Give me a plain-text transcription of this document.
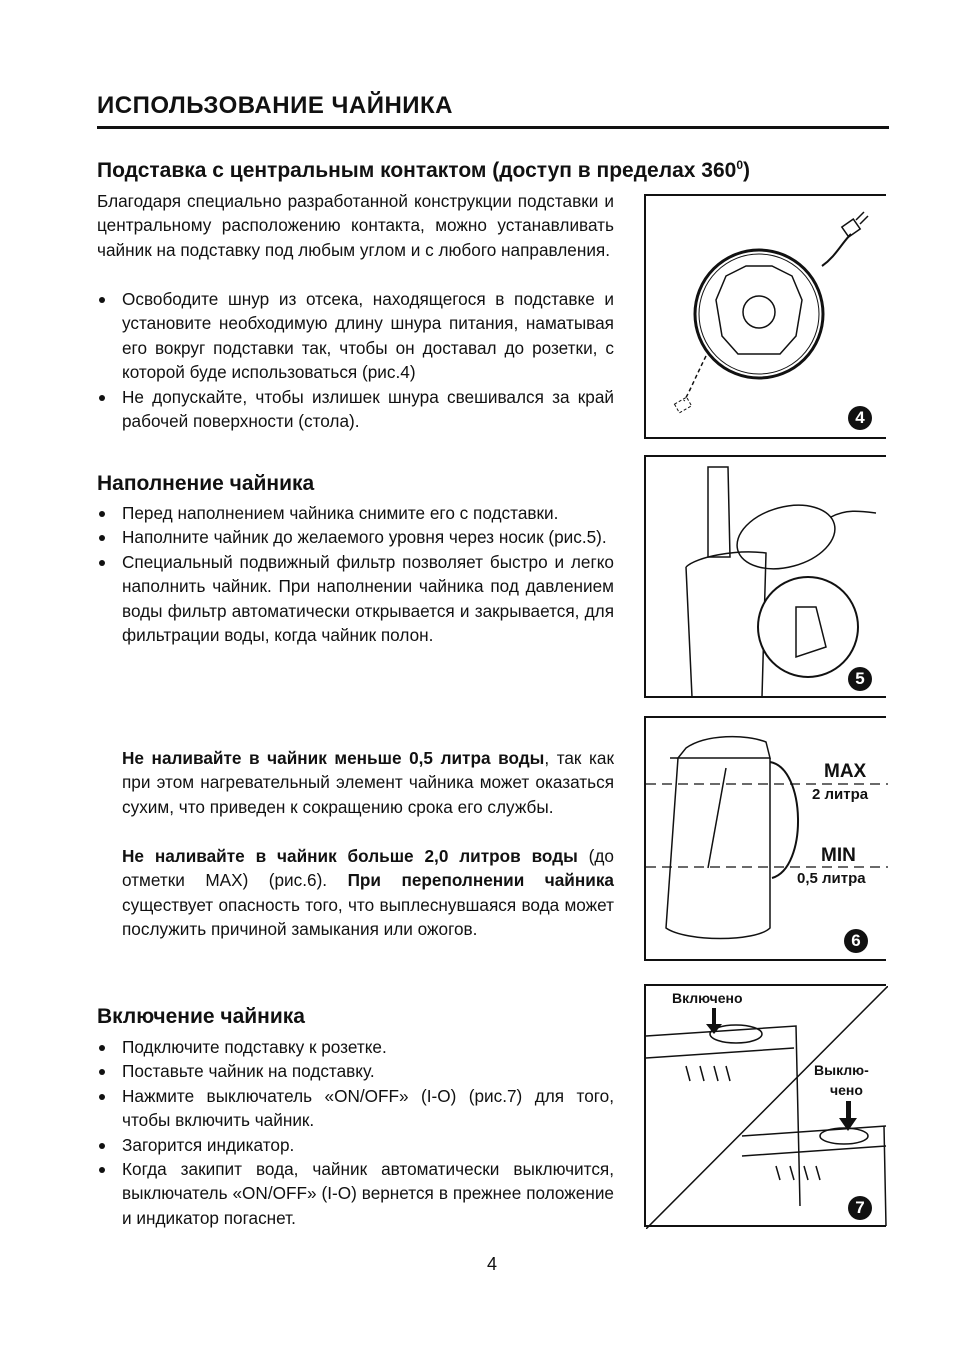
ИСПОЛЬЗОВАНИЕ ЧАЙНИКА
Подставка с центральным контактом (доступ в пределах $360^0$)

Благодаря специально разработанной конструкции подставки и центральному расположению контакта, можно устанавливать чайник на подставку под любым углом и с любого направления.

Освободите шнур из отсека, находящегося в подставке и установите необходимую длину шнура питания, наматывая его вокруг подставки так, чтобы он доставал до розетки, с которой буде использоваться (рис.4)
Не допускайте, чтобы излишек шнура свешивался за край рабочей поверхности (стола).
Наполнение чайника
Перед наполнением чайника снимите его с подставки.
Наполните чайник до желаемого уровня через носик (рис.5).
Специальный подвижный фильтр позволяет быстро и легко наполнить чайник. При наполнении чайника под давлением воды фильтр автоматически открывается и закрывается, для фильтрации воды, когда чайник полон.

Не наливайте в чайник меньше 0,5 литра воды, так как при этом нагревательный элемент чайника может оказаться сухим, что приведен к сокращению срока его службы.

Не наливайте в чайник больше 2,0 литров воды (до отметки MAX) (рис.6). При переполнении чайника существует опасность того, что выплеснувшаяся вода может послужить причиной замыкания или ожогов.

Включение чайника
Подключите подставку к розетке.
Поставьте чайник на подставку.
Нажмите выключатель «ON/OFF» (I-O) (рис.7) для того, чтобы включить чайник.
Загорится индикатор.
Когда закипит вода, чайник автоматически выключится, выключатель «ON/OFF» (I-O) вернется в прежнее положение и индикатор погаснет.
4
5
MAX
2 литра
MIN
0,5 литра
6
Включено
Выклю-
чено
7
4
